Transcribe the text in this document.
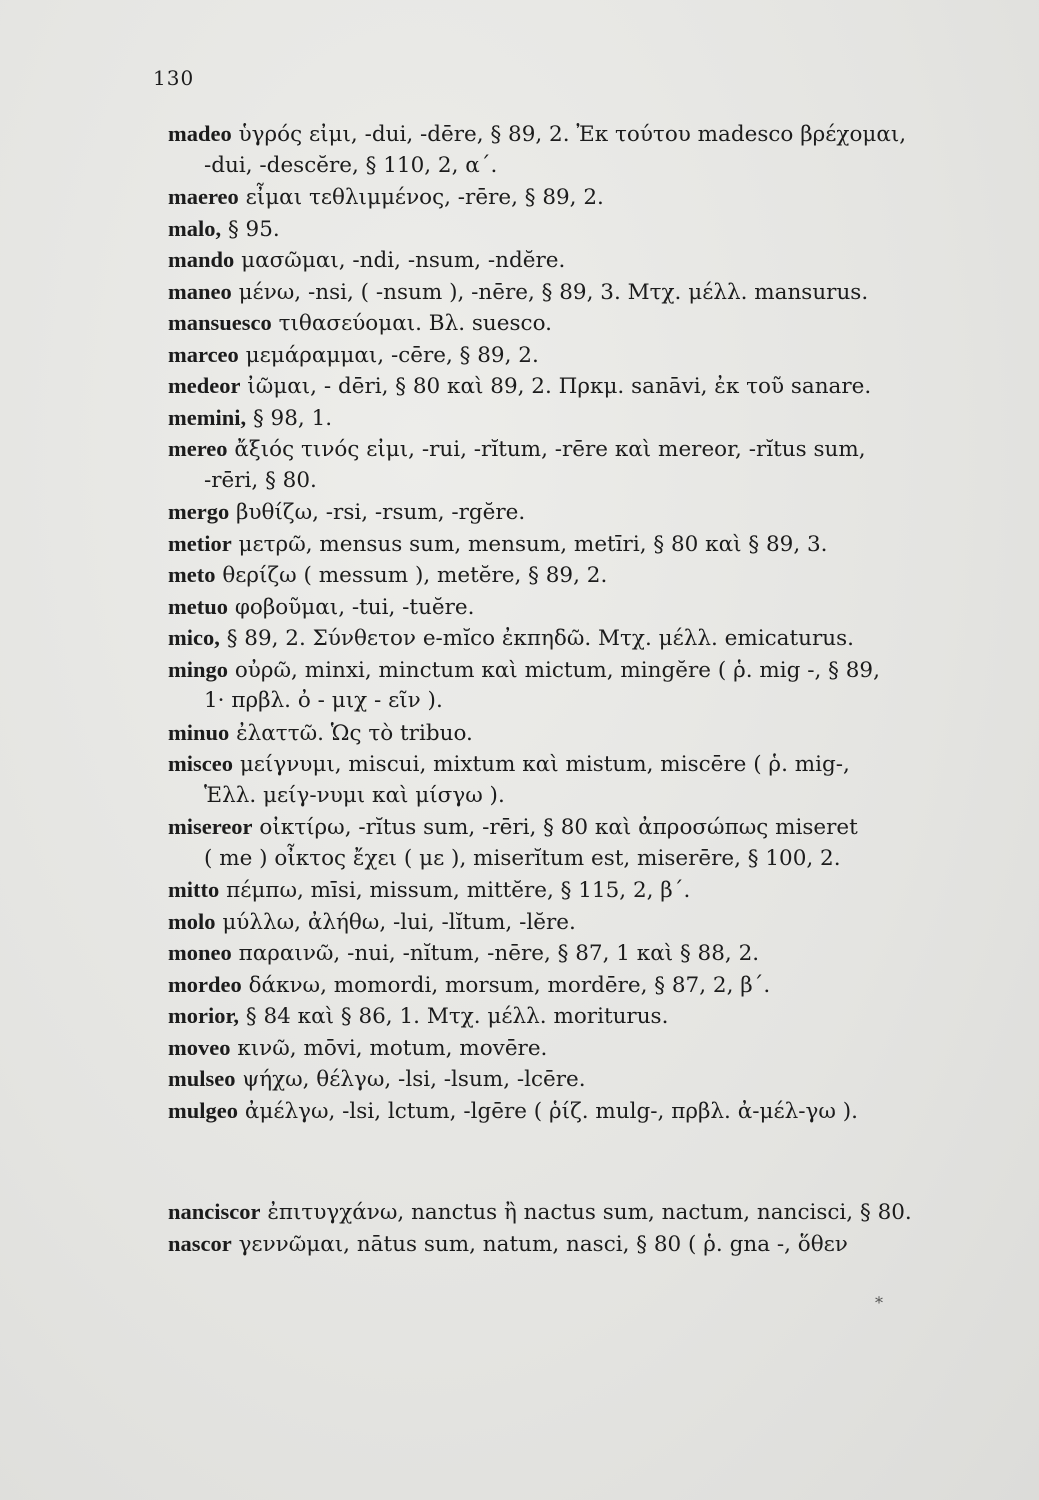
130
madeo ὑγρός εἰμι, -dui, -dēre, § 89, 2. Ἐκ τούτου madesco βρέχομαι,
-dui, -descĕre, § 110, 2, α΄.
maereo εἶμαι τεθλιμμένος, -rēre, § 89, 2.
malo, § 95.
mando μασῶμαι, -ndi, -nsum, -ndĕre.
maneo μένω, -nsi, ( -nsum ), -nēre, § 89, 3. Μτχ. μέλλ. mansurus.
mansuesco τιθασεύομαι. Βλ. suesco.
marceo μεμάραμμαι, -cēre, § 89, 2.
medeor ἰῶμαι, - dēri, § 80 καὶ 89, 2. Πρκμ. sanāvi, ἐκ τοῦ sanare.
memini, § 98, 1.
mereo ἄξιός τινός εἰμι, -rui, -rĭtum, -rēre καὶ mereor, -rĭtus sum,
-rēri, § 80.
mergo βυθίζω, -rsi, -rsum, -rgĕre.
metior μετρῶ, mensus sum, mensum, metīri, § 80 καὶ § 89, 3.
meto θερίζω ( messum ), metĕre, § 89, 2.
metuo φοβοῦμαι, -tui, -tuĕre.
mico, § 89, 2. Σύνθετον e-mĭco ἐκπηδῶ. Μτχ. μέλλ. emicaturus.
mingo οὐρῶ, minxi, minctum καὶ mictum, mingĕre ( ῥ. mig -, § 89,
1· πρβλ. ὀ - μιχ - εῖν ).
minuo ἐλαττῶ. Ὡς τὸ tribuo.
misceo μείγνυμι, miscui, mixtum καὶ mistum, miscēre ( ῥ. mig-,
Ἑλλ. μείγ-νυμι καὶ μίσγω ).
misereor οἰκτίρω, -rĭtus sum, -rēri, § 80 καὶ ἀπροσώπως miseret
( me ) οἶκτος ἔχει ( με ), miserĭtum est, miserēre, § 100, 2.
mitto πέμπω, mīsi, missum, mittĕre, § 115, 2, β΄.
molo μύλλω, ἀλήθω, -lui, -lĭtum, -lĕre.
moneo παραινῶ, -nui, -nĭtum, -nēre, § 87, 1 καὶ § 88, 2.
mordeo δάκνω, momordi, morsum, mordēre, § 87, 2, β΄.
morior, § 84 καὶ § 86, 1. Μτχ. μέλλ. moriturus.
moveo κινῶ, mōvi, motum, movēre.
mulseo ψήχω, θέλγω, -lsi, -lsum, -lcēre.
mulgeo ἀμέλγω, -lsi, lctum, -lgēre ( ῥίζ. mulg-, πρβλ. ἀ-μέλ-γω ).
nanciscor ἐπιτυγχάνω, nanctus ἢ nactus sum, nactum, nancisci, § 80.
nascor γεννῶμαι, nātus sum, natum, nasci, § 80 ( ῥ. gna -, ὅθεν
⁎
